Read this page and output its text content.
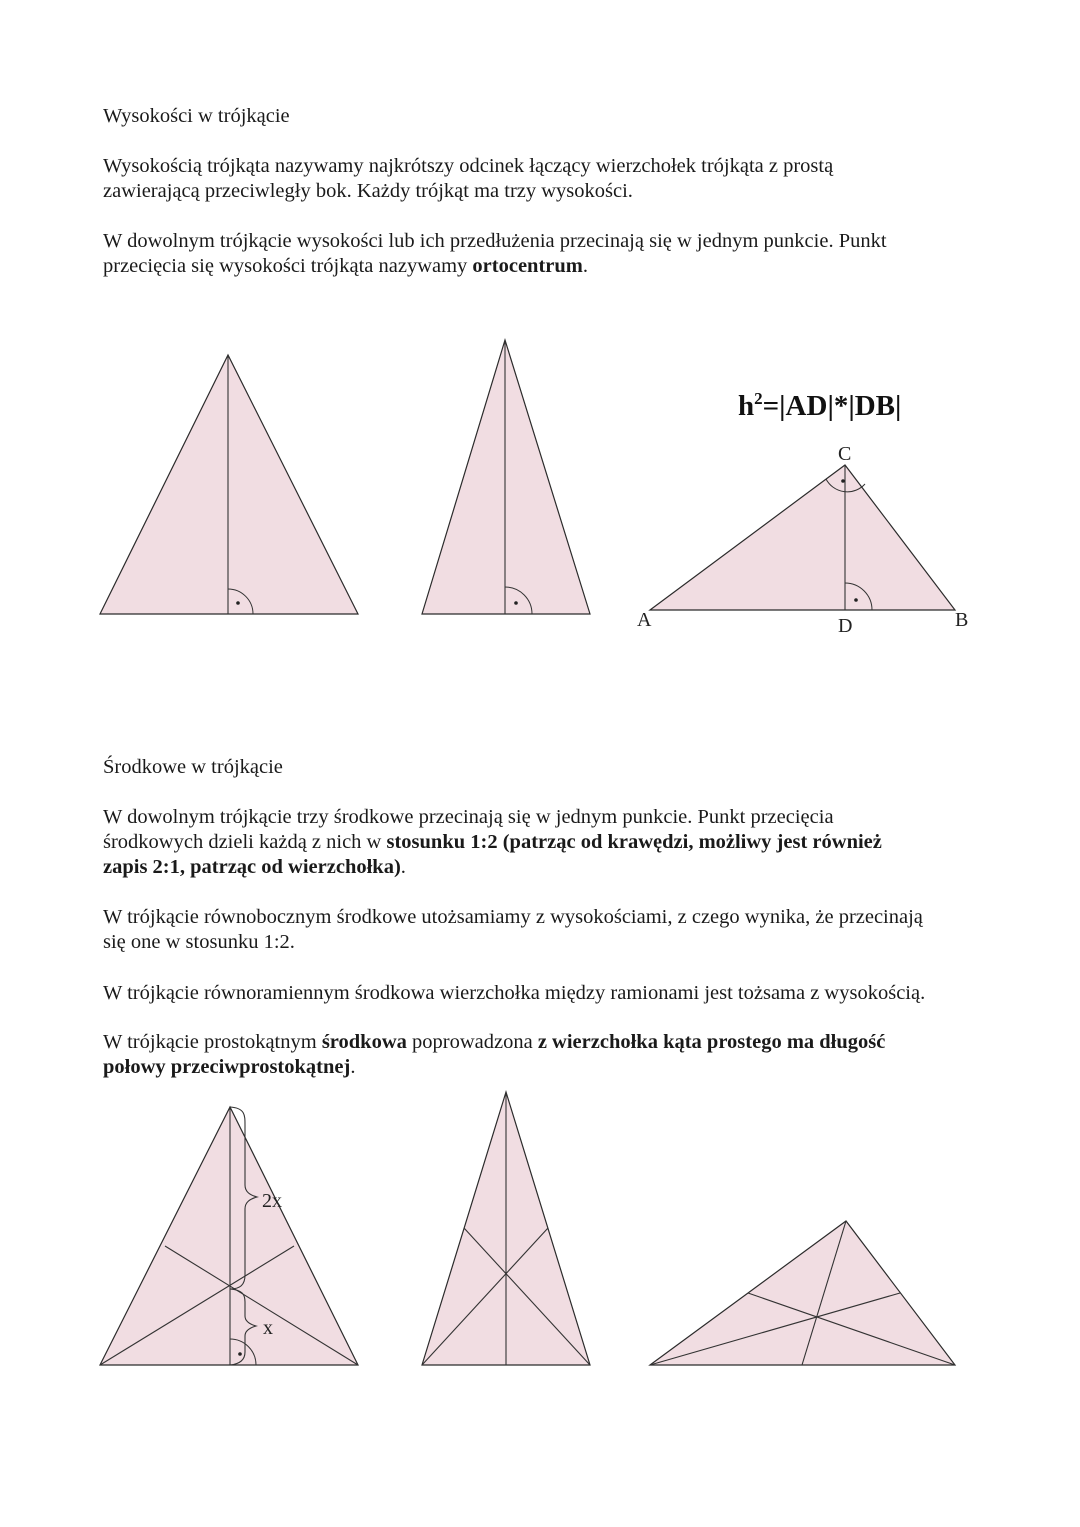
Wysokości w trójkącie

Wysokością trójkąta nazywamy najkrótszy odcinek łączący wierzchołek trójkąta z prostą
zawierającą przeciwległy bok. Każdy trójkąt ma trzy wysokości.

W dowolnym trójkącie wysokości lub ich przedłużenia przecinają się w jednym punkcie. Punkt
przecięcia się wysokości trójkąta nazywamy ortocentrum.

$h^2=|AD|*|DB|$
A	B
C
D

Środkowe w trójkącie

W dowolnym trójkącie trzy środkowe przecinają się w jednym punkcie. Punkt przecięcia
środkowych dzieli każdą z nich w stosunku 1:2 (patrząc od krawędzi, możliwy jest również
zapis 2:1, patrząc od wierzchołka).

W trójkącie równobocznym środkowe utożsamiamy z wysokościami, z czego wynika, że przecinają
się one w stosunku 1:2.

W trójkącie równoramiennym środkowa wierzchołka między ramionami jest tożsama z wysokością.

W trójkącie prostokątnym środkowa poprowadzona z wierzchołka kąta prostego ma długość
połowy przeciwprostokątnej.

2x
x
